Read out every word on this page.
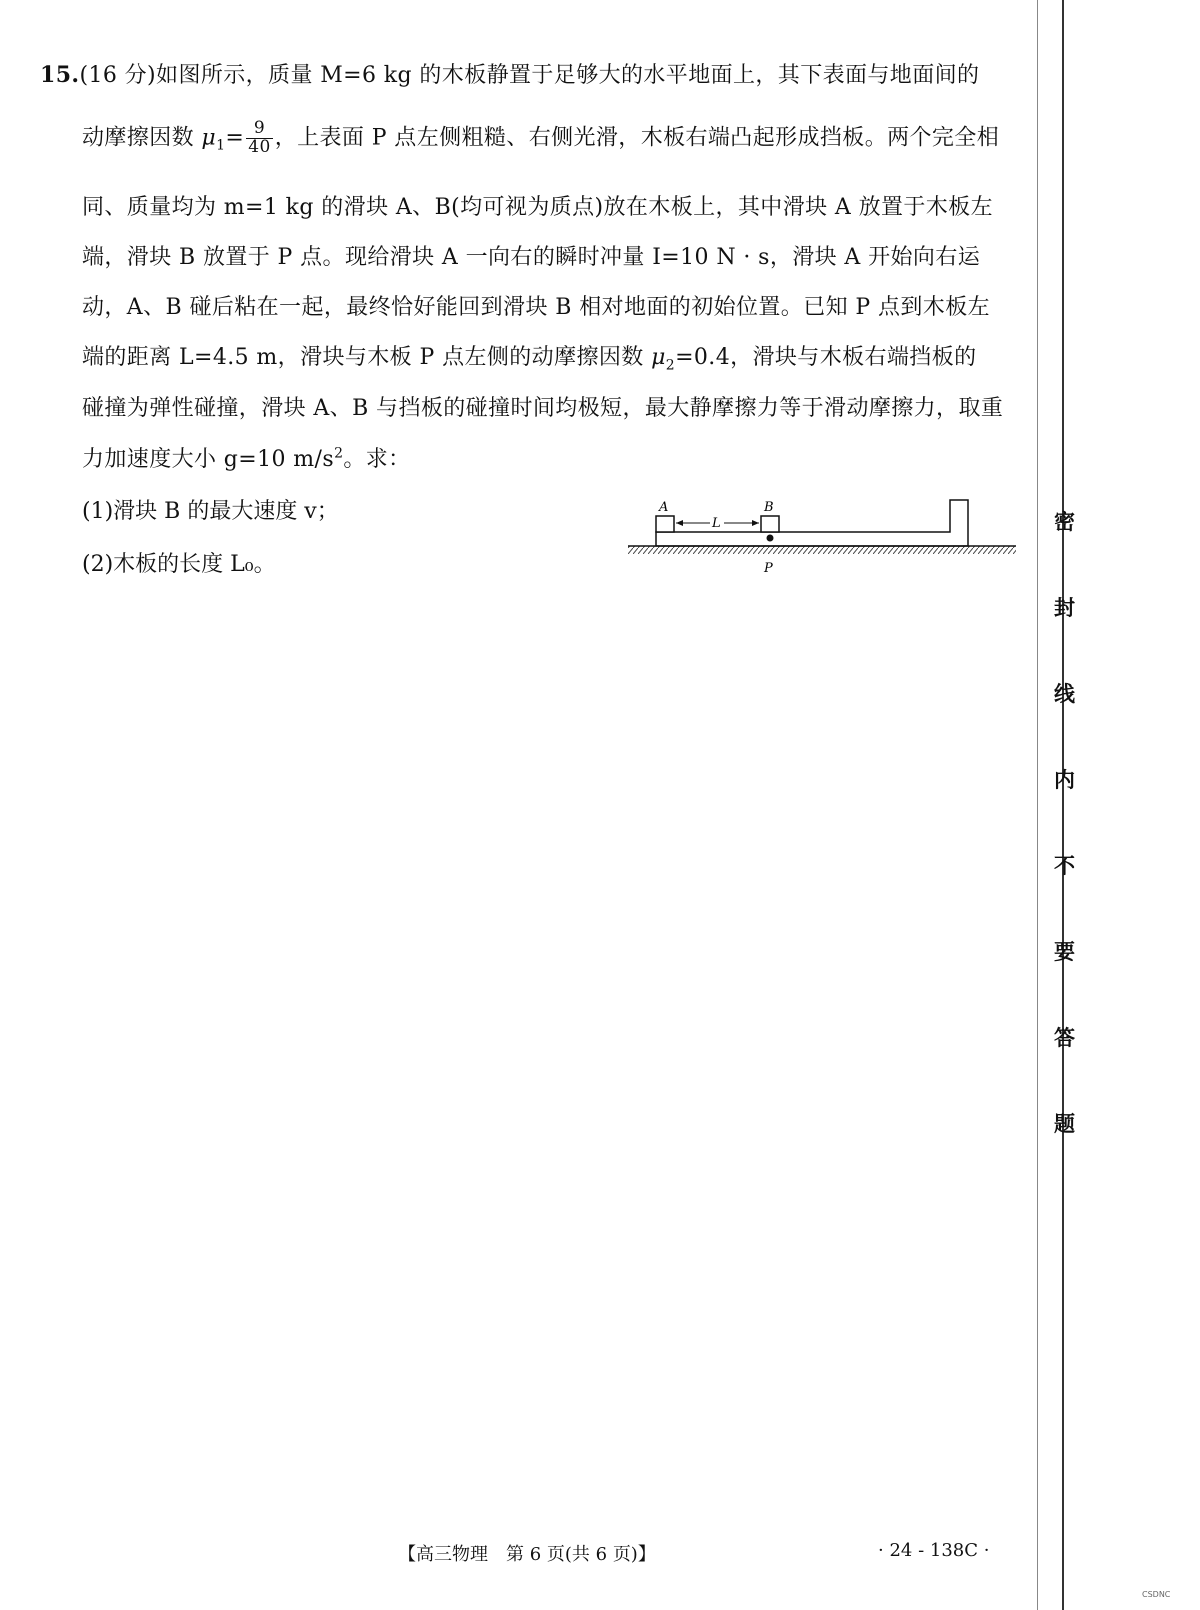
15.(16 分)如图所示，质量 M=6 kg 的木板静置于足够大的水平地面上，其下表面与地面间的
动摩擦因数 $\mu_1= \frac{9}{40}$ ，上表面 P 点左侧粗糙、右侧光滑，木板右端凸起形成挡板。两个完全相
同、质量均为 m=1 kg 的滑块 A、B(均可视为质点)放在木板上，其中滑块 A 放置于木板左
端，滑块 B 放置于 P 点。现给滑块 A 一向右的瞬时冲量 I=10 N · s，滑块 A 开始向右运
动，A、B 碰后粘在一起，最终恰好能回到滑块 B 相对地面的初始位置。已知 P 点到木板左
端的距离 L=4.5 m，滑块与木板 P 点左侧的动摩擦因数 $\mu_2=0.4$，滑块与木板右端挡板的
碰撞为弹性碰撞，滑块 A、B 与挡板的碰撞时间均极短，最大静摩擦力等于滑动摩擦力，取重
力加速度大小 g=10 $m/s^2$。求：
(1)滑块 B 的最大速度 v；
(2)木板的长度 L₀。
A	B
L
P
密
封
线
内
不
要
答
题
【高三物理　第 6 页(共 6 页)】	· 24 - 138C ·
CSDNC
